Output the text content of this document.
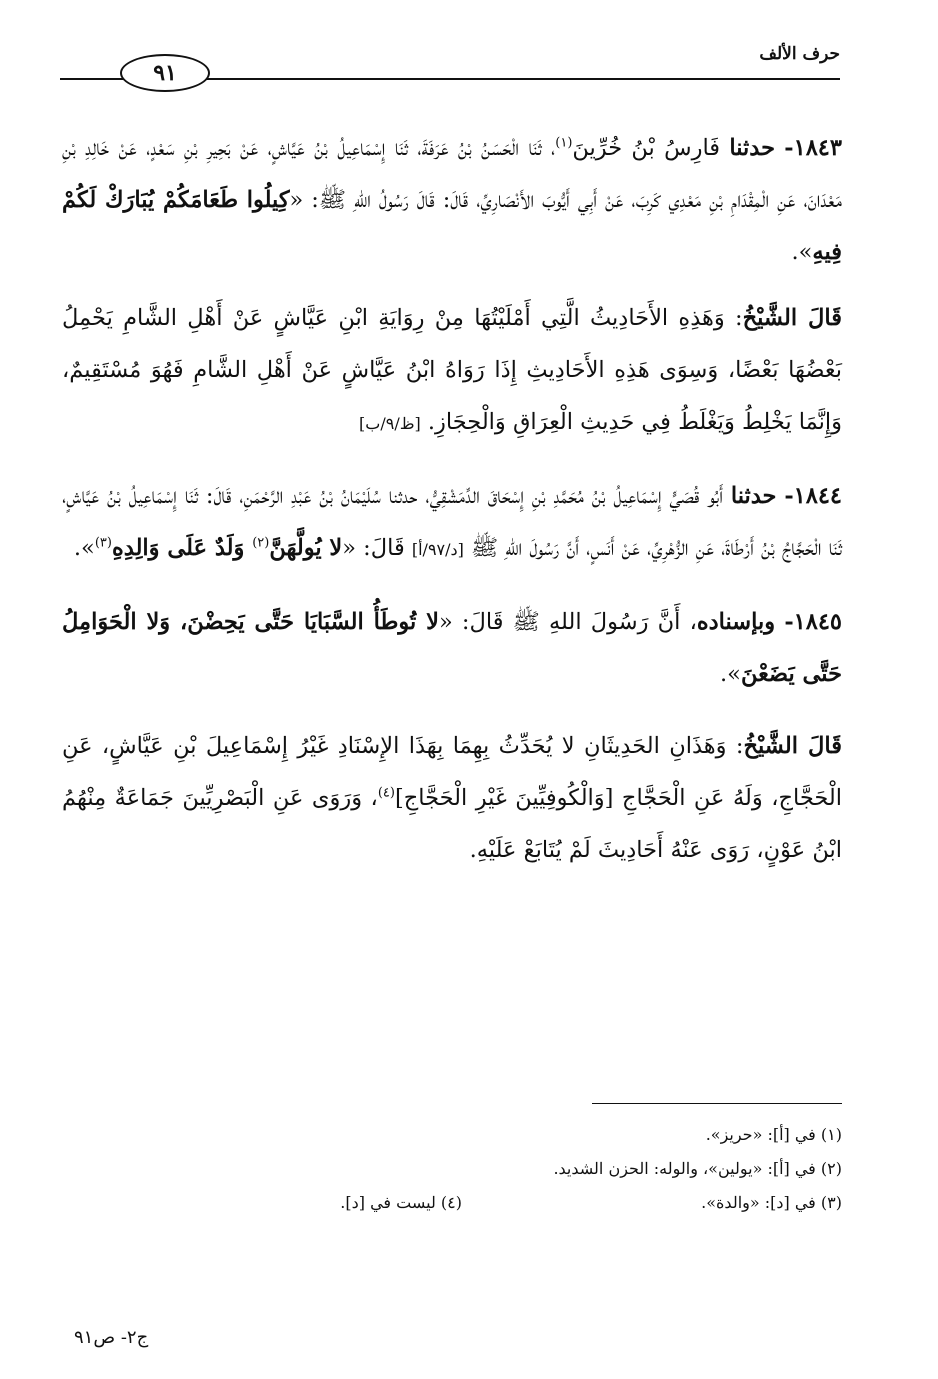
حرف الألف
٩١

١٨٤٣- حدثنا فَارِسُ بْنُ خُرِّينَ$^{(١)}$، ثَنَا الْحَسَنُ بْنُ عَرَفَةَ، ثَنَا إِسْمَاعِيلُ بْنُ عَيَّاشٍ، عَنْ بَحِيرِ بْنِ سَعْدٍ، عَنْ خَالِدِ بْنِ مَعْدَانَ، عَنِ الْمِقْدَامِ بْنِ مَعْدِي كَرِبَ، عَنْ أَبِي أَيُّوبَ الأَنْصَارِيِّ، قَالَ: قَالَ رَسُولُ اللهِ ﷺ: «كِيلُوا طَعَامَكُمْ يُبَارَكْ لَكُمْ فِيهِ».

قَالَ الشَّيْخُ: وَهَذِهِ الأَحَادِيثُ الَّتِي أَمْلَيْتُهَا مِنْ رِوَايَةِ ابْنِ عَيَّاشٍ عَنْ أَهْلِ الشَّامِ يَحْمِلُ بَعْضُهَا بَعْضًا، وَسِوَى هَذِهِ الأَحَادِيثِ إِذَا رَوَاهُ ابْنُ عَيَّاشٍ عَنْ أَهْلِ الشَّامِ فَهُوَ مُسْتَقِيمٌ، وَإِنَّمَا يَخْلِطُ وَيَغْلَطُ فِي حَدِيثِ الْعِرَاقِ وَالْحِجَازِ. [ظ/٩/ب]

١٨٤٤- حدثنا أَبُو قُصَيٍّ إِسْمَاعِيلُ بْنُ مُحَمَّدِ بْنِ إِسْحَاقَ الدِّمَشْقِيُّ، حدثنا سُلَيْمَانُ بْنُ عَبْدِ الرَّحْمَنِ، قَالَ: ثَنَا إِسْمَاعِيلُ بْنُ عَيَّاشٍ، ثَنَا الْحَجَّاجُ بْنُ أَرْطَاةَ، عَنِ الزُّهْرِيِّ، عَنْ أَنَسٍ، أَنَّ رَسُولَ اللهِ ﷺ [د/٩٧/أ] قَالَ: «لا يُولَّهَنَّ$^{(٢)}$ وَلَدٌ عَلَى وَالِدِهِ$^{(٣)}$».

١٨٤٥- وبإسناده، أَنَّ رَسُولَ اللهِ ﷺ قَالَ: «لا تُوطَأُ السَّبَايَا حَتَّى يَحِضْنَ، وَلا الْحَوَامِلُ حَتَّى يَضَعْنَ».

قَالَ الشَّيْخُ: وَهَذَانِ الحَدِيثَانِ لا يُحَدِّثُ بِهِمَا بِهَذَا الإِسْنَادِ غَيْرُ إِسْمَاعِيلَ بْنِ عَيَّاشٍ، عَنِ الْحَجَّاجِ، وَلَهُ عَنِ الْحَجَّاجِ [وَالْكُوفِيِّينَ غَيْرِ الْحَجَّاجِ]$^{(٤)}$، وَرَوَى عَنِ الْبَصْرِيِّينَ جَمَاعَةٌ مِنْهُمُ ابْنُ عَوْنٍ، رَوَى عَنْهُ أَحَادِيثَ لَمْ يُتَابَعْ عَلَيْهِ.

(١) في [أ]: «حريز».
(٢) في [أ]: «يولين»، والوله: الحزن الشديد.
(٣) في [د]: «والدة».
(٤) ليست في [د].
ج٢- ص٩١
